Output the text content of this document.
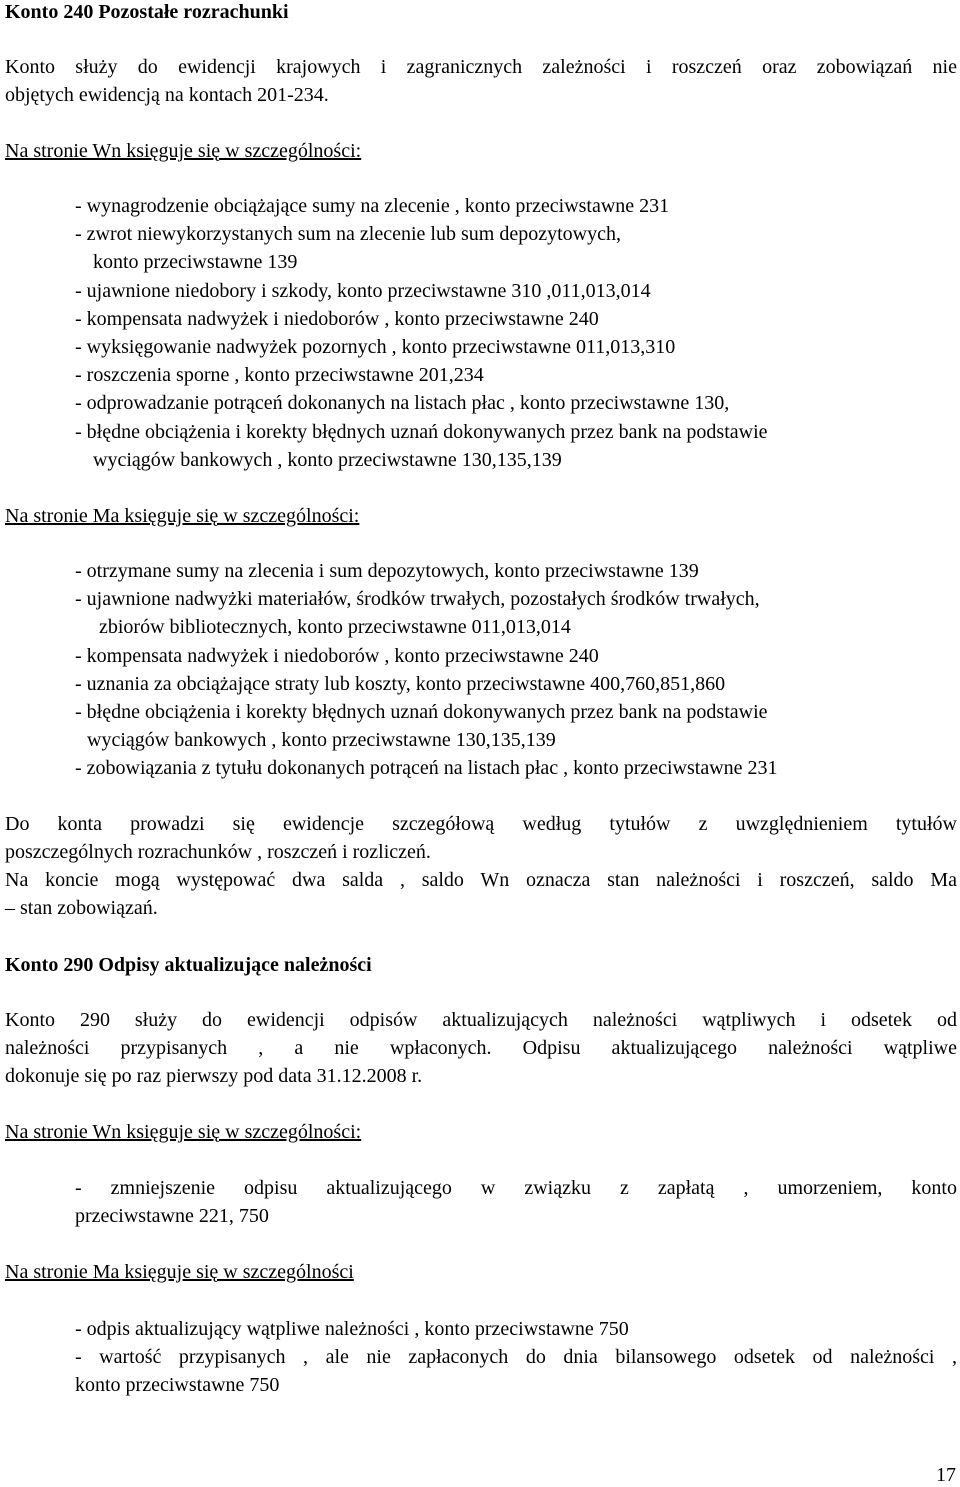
Konto 240 Pozostałe rozrachunki
Konto służy do ewidencji krajowych i zagranicznych zależności i roszczeń oraz zobowiązań nie
objętych ewidencją na kontach 201-234.
Na stronie Wn księguje się w szczególności:
- wynagrodzenie obciążające sumy na zlecenie , konto przeciwstawne 231
- zwrot niewykorzystanych sum na zlecenie lub sum depozytowych,
konto przeciwstawne 139
- ujawnione niedobory i szkody, konto przeciwstawne 310 ,011,013,014
- kompensata nadwyżek i niedoborów , konto przeciwstawne 240
- wyksięgowanie nadwyżek pozornych , konto przeciwstawne 011,013,310
- roszczenia sporne , konto przeciwstawne 201,234
- odprowadzanie potrąceń dokonanych na listach płac , konto przeciwstawne 130,
- błędne obciążenia i korekty błędnych uznań dokonywanych przez bank na podstawie
wyciągów bankowych , konto przeciwstawne 130,135,139
Na stronie Ma księguje się w szczególności:
- otrzymane sumy na zlecenia i sum depozytowych, konto przeciwstawne 139
- ujawnione nadwyżki materiałów, środków trwałych, pozostałych środków trwałych,
zbiorów bibliotecznych, konto przeciwstawne 011,013,014
- kompensata nadwyżek i niedoborów , konto przeciwstawne 240
- uznania za obciążające straty lub koszty, konto przeciwstawne 400,760,851,860
- błędne obciążenia i korekty błędnych uznań dokonywanych przez bank na podstawie
wyciągów bankowych , konto przeciwstawne 130,135,139
- zobowiązania z tytułu dokonanych potrąceń na listach płac , konto przeciwstawne 231
Do konta prowadzi się ewidencje szczegółową według tytułów z uwzględnieniem tytułów
poszczególnych rozrachunków , roszczeń i rozliczeń.
Na koncie mogą występować dwa salda , saldo Wn oznacza stan należności i roszczeń, saldo Ma
– stan zobowiązań.
Konto 290 Odpisy aktualizujące należności
Konto 290 służy do ewidencji odpisów aktualizujących należności wątpliwych i odsetek od
należności przypisanych , a nie wpłaconych. Odpisu aktualizującego należności wątpliwe
dokonuje się po raz pierwszy pod data 31.12.2008 r.
Na stronie Wn księguje się w szczególności:
- zmniejszenie odpisu aktualizującego w związku z zapłatą , umorzeniem, konto
przeciwstawne 221, 750
Na stronie Ma księguje się w szczególności
- odpis aktualizujący wątpliwe należności , konto przeciwstawne 750
- wartość przypisanych , ale nie zapłaconych do dnia bilansowego odsetek od należności ,
konto przeciwstawne 750
17
